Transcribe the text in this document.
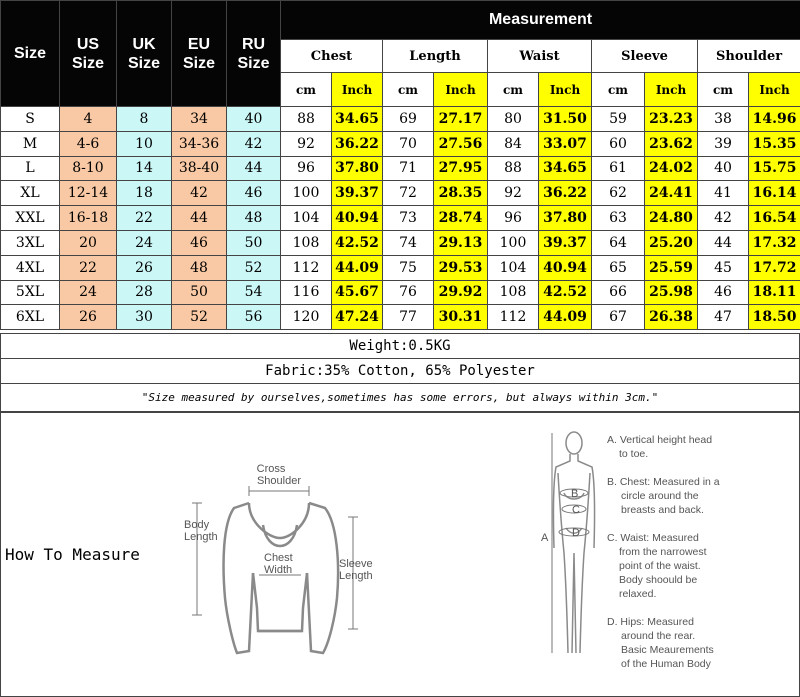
Size	US Size	UK Size	EU Size	RU Size	Measurement									
					Chest		Length		Waist		Sleeve		Shoulder	
					cm	Inch	cm	Inch	cm	Inch	cm	Inch	cm	Inch
S	4	8	34	40	88	34.65	69	27.17	80	31.50	59	23.23	38	14.96
M	4-6	10	34-36	42	92	36.22	70	27.56	84	33.07	60	23.62	39	15.35
L	8-10	14	38-40	44	96	37.80	71	27.95	88	34.65	61	24.02	40	15.75
XL	12-14	18	42	46	100	39.37	72	28.35	92	36.22	62	24.41	41	16.14
XXL	16-18	22	44	48	104	40.94	73	28.74	96	37.80	63	24.80	42	16.54
3XL	20	24	46	50	108	42.52	74	29.13	100	39.37	64	25.20	44	17.32
4XL	22	26	48	52	112	44.09	75	29.53	104	40.94	65	25.59	45	17.72
5XL	24	28	50	54	116	45.67	76	29.92	108	42.52	66	25.98	46	18.11
6XL	26	30	52	56	120	47.24	77	30.31	112	44.09	67	26.38	47	18.50
Weight:0.5KG
Fabric:35% Cotton, 65% Polyester
"Size measured by ourselves,sometimes has some errors, but always within 3cm."
How To Measure
Cross
Shoulder
Body
Length
Chest
Width	Sleeve
Length
B
C
D
A
A. Vertical height head
to toe.
B. Chest: Measured in a
circle around the
breasts and back.
C. Waist: Measured
from the narrowest
point of the waist.
Body shoould be
relaxed.
D. Hips: Measured
around the rear.
Basic Meaurements
of the Human Body
